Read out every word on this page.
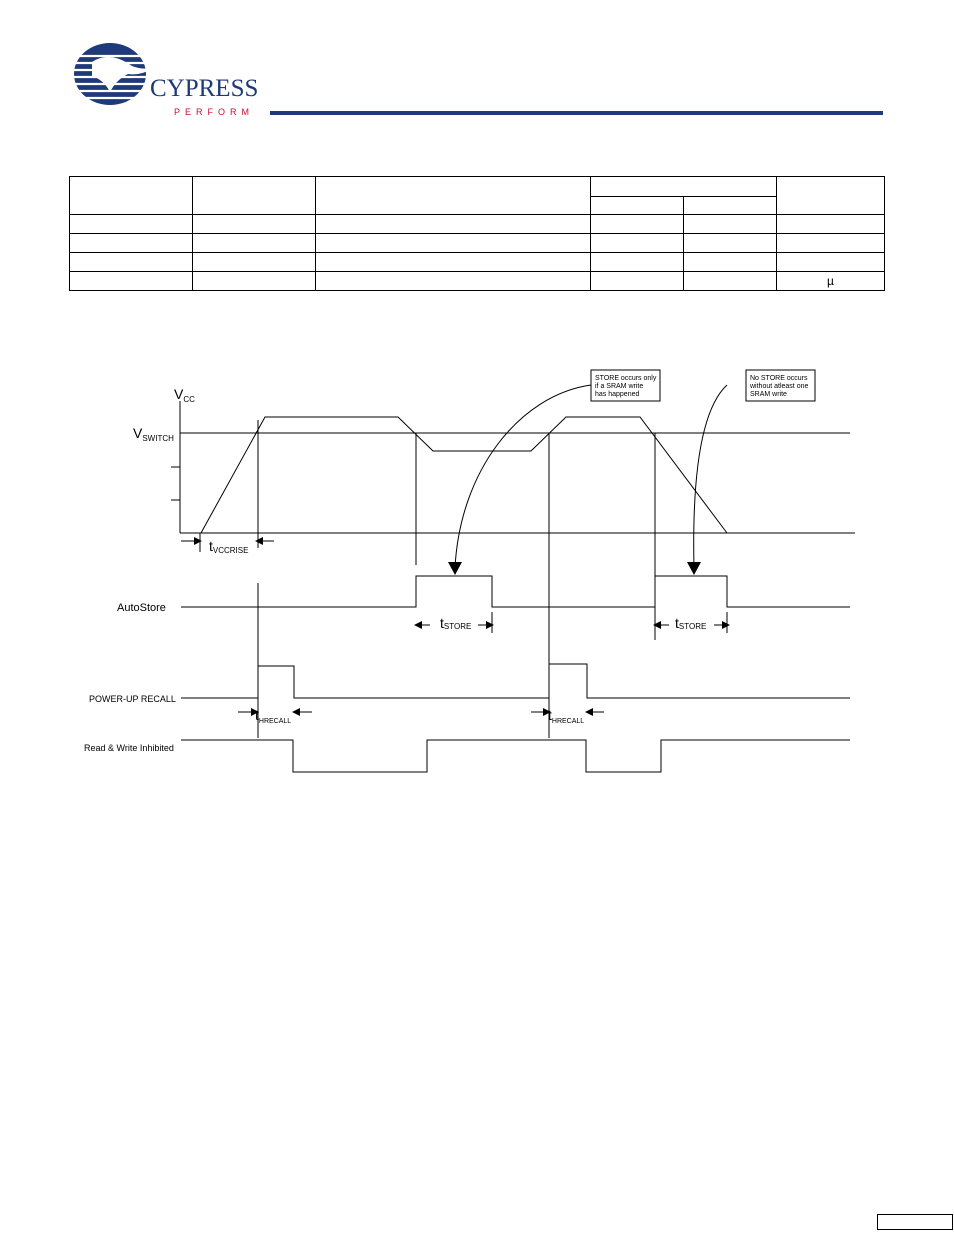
CYPRESS
PERFORM

					µ
$V_{CC}$
$V_{SWITCH}$
tVCCRISE
AutoStore
tSTORE	tSTORE
POWER-UP RECALL
$t_{HRECALL}$	$t_{HRECALL}$
Read & Write Inhibited
STORE occurs only if a SRAM write has happened
No STORE occurs without atleast one SRAM write
